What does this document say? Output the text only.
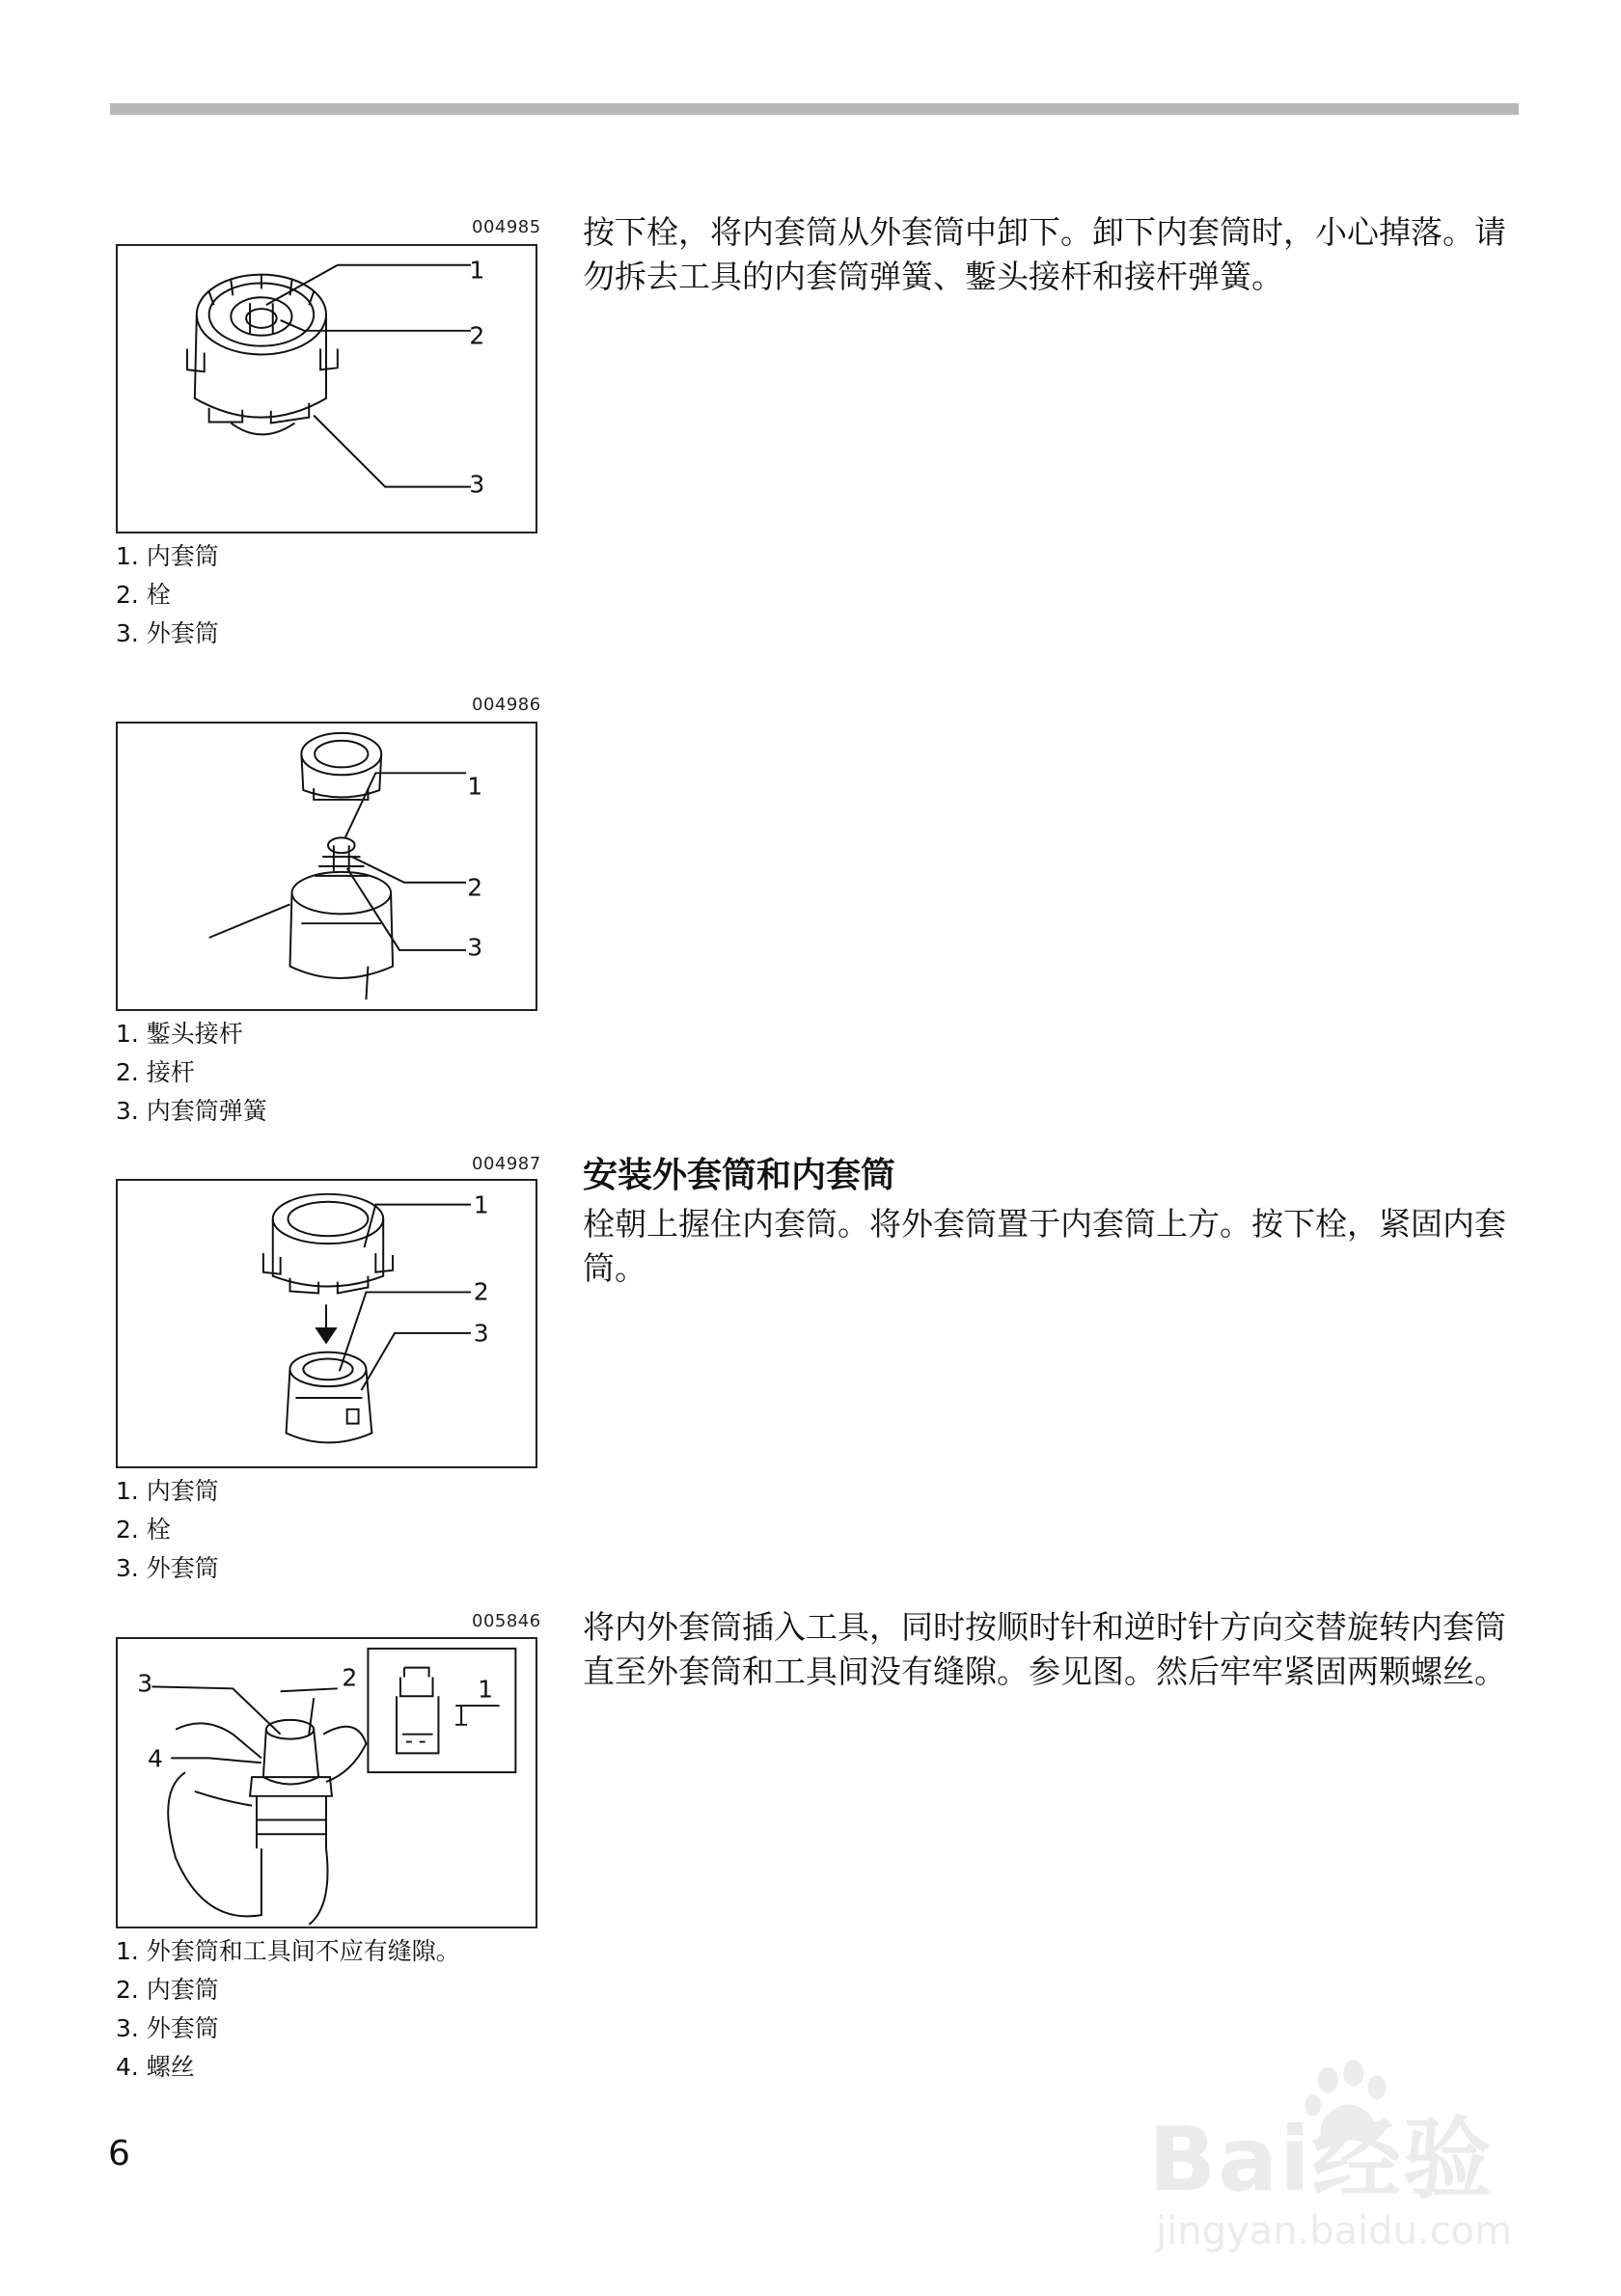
004985
1
2
3
1. 内套筒
2. 栓
3. 外套筒
004986
1
2
3
1. 鏨头接杆
2. 接杆
3. 内套筒弹簧

按下栓，将内套筒从外套筒中卸下。卸下内套筒时，小心掉落。请勿拆去工具的内套筒弹簧、鏨头接杆和接杆弹簧。

安装外套筒和内套筒

栓朝上握住内套筒。将外套筒置于内套筒上方。按下栓，紧固内套筒。

将内外套筒插入工具，同时按顺时针和逆时针方向交替旋转内套筒直至外套筒和工具间没有缝隙。参见图。然后牢牢紧固两颗螺丝。

004987
1
2
3
1. 内套筒
2. 栓
3. 外套筒
005846
3	2
4
1
1. 外套筒和工具间不应有缝隙。
2. 内套筒
3. 外套筒
4. 螺丝
6	Bai经验
jingyan.baidu.com
